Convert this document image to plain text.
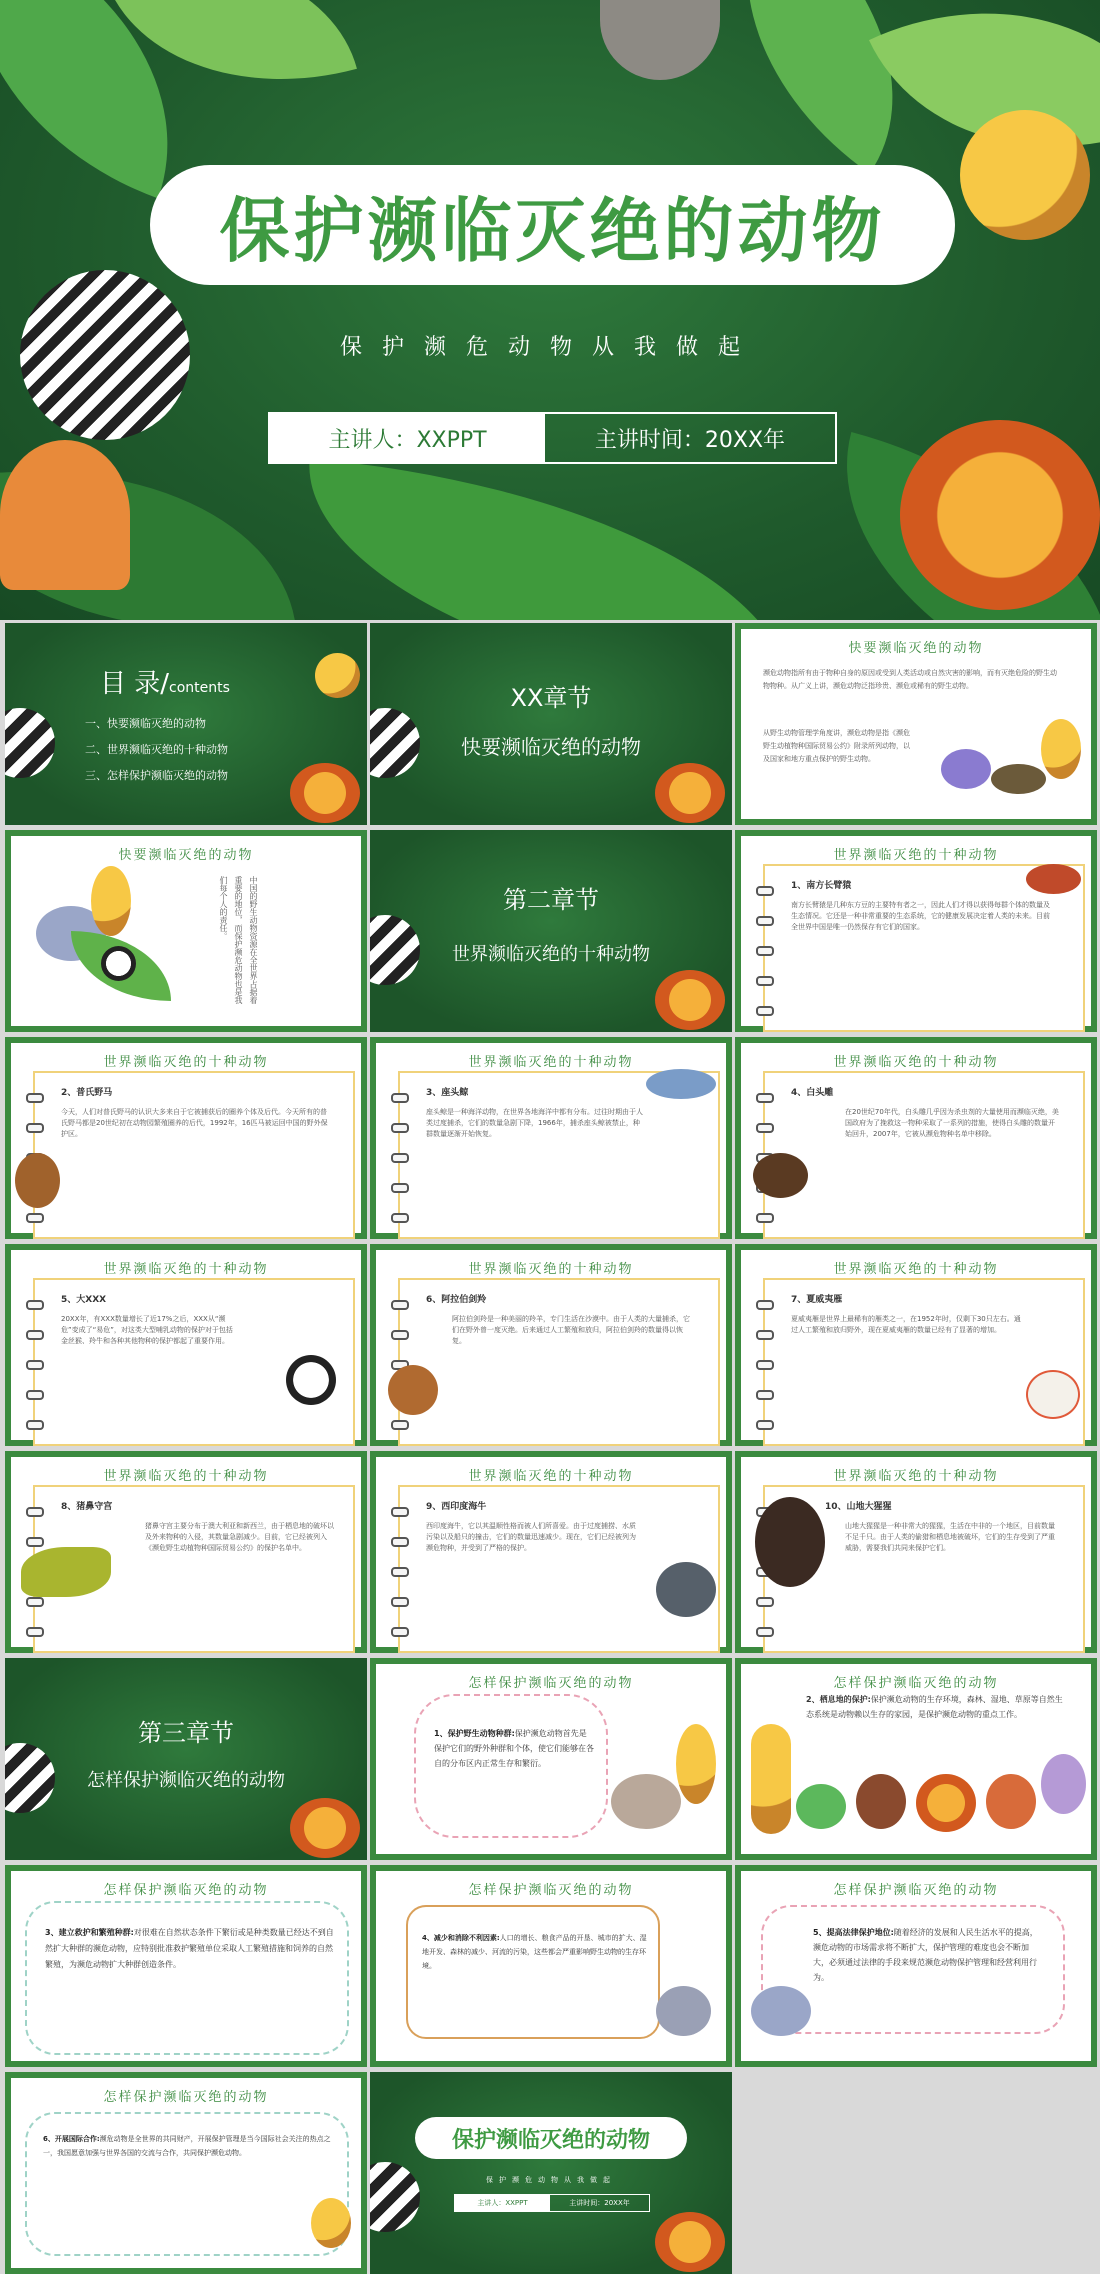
保护濒临灭绝的动物
保护濒危动物从我做起
主讲人：XXPPT	主讲时间：20XX年
目 录/contents
一、快要濒临灭绝的动物
二、世界濒临灭绝的十种动物
三、怎样保护濒临灭绝的动物
XX章节
快要濒临灭绝的动物
快要濒临灭绝的动物
濒危动物指所有由于物种自身的原因或受到人类活动或自然灾害的影响，而有灭绝危险的野生动物物种。从广义上讲，濒危动物泛指珍贵、濒危或稀有的野生动物。
从野生动物管理学角度讲，濒危动物是指《濒危野生动植物种国际贸易公约》附录所列动物，以及国家和地方重点保护的野生动物。
快要濒临灭绝的动物
中国的野生动物资源在全世界占据着重要的地位，而保护濒危动物也是我们每个人的责任。	第二章节
世界濒临灭绝的十种动物
世界濒临灭绝的十种动物
1、南方长臂猿
南方长臂猿是几种东方豆的主要特有者之一，因此人们才得以获得每群个体的数量及生态情况。它还是一种非常重要的生态系统，它的健康发展决定着人类的未来。目前全世界中国是唯一仍然保存有它们的国家。
世界濒临灭绝的十种动物
2、普氏野马
今天，人们对普氏野马的认识大多来自于它被捕获后的圈养个体及后代。今天所有的普氏野马都是20世纪初在动物园繁殖圈养的后代，1992年，16匹马被运回中国的野外保护区。
世界濒临灭绝的十种动物
3、座头鲸
座头鲸是一种海洋动物，在世界各地海洋中都有分布。过往时期由于人类过度捕杀，它们的数量急剧下降，1966年，捕杀座头鲸被禁止，种群数量逐渐开始恢复。
世界濒临灭绝的十种动物
4、白头雕
在20世纪70年代，白头雕几乎因为杀虫剂的大量使用而濒临灭绝，美国政府为了挽救这一物种采取了一系列的措施，使得白头雕的数量开始回升，2007年，它被从濒危物种名单中移除。
世界濒临灭绝的十种动物
5、大XXX
20XX年，有XXX数量增长了近17%之后，XXX从“濒危”变成了“易危”，对这类大型哺乳动物的保护对于包括金丝猴、羚牛和各种其他物种的保护都起了重要作用。
世界濒临灭绝的十种动物
6、阿拉伯剑羚
阿拉伯剑羚是一种美丽的羚羊，专门生活在沙漠中。由于人类的大量捕杀，它们在野外曾一度灭绝。后来通过人工繁殖和放归，阿拉伯剑羚的数量得以恢复。
世界濒临灭绝的十种动物
7、夏威夷雁
夏威夷雁是世界上最稀有的雁类之一，在1952年时，仅剩下30只左右。通过人工繁殖和放归野外，现在夏威夷雁的数量已经有了显著的增加。
世界濒临灭绝的十种动物
8、猪鼻守宫
猪鼻守宫主要分布于澳大利亚和新西兰，由于栖息地的破坏以及外来物种的入侵，其数量急剧减少。目前，它已经被列入《濒危野生动植物种国际贸易公约》的保护名单中。
世界濒临灭绝的十种动物
9、西印度海牛
西印度海牛，它以其温顺性格而被人们所喜爱。由于过度捕捞、水质污染以及船只的撞击，它们的数量迅速减少。现在，它们已经被列为濒危物种，并受到了严格的保护。
世界濒临灭绝的十种动物
10、山地大猩猩
山地大猩猩是一种非常大的猩猩，生活在中非的一个地区，目前数量不足千只。由于人类的偷猎和栖息地被破坏，它们的生存受到了严重威胁，需要我们共同来保护它们。
第三章节
怎样保护濒临灭绝的动物
怎样保护濒临灭绝的动物
1、保护野生动物种群:保护濒危动物首先是保护它们的野外种群和个体，使它们能够在各自的分布区内正常生存和繁衍。
怎样保护濒临灭绝的动物
2、栖息地的保护:保护濒危动物的生存环境，森林、湿地、草原等自然生态系统是动物赖以生存的家园，是保护濒危动物的重点工作。
怎样保护濒临灭绝的动物
3、建立救护和繁殖种群:对很难在自然状态条件下繁衍或是种类数量已经达不到自然扩大种群的濒危动物，应特别批准救护繁殖单位采取人工繁殖措施和饲养的自然繁殖，为濒危动物扩大种群创造条件。
怎样保护濒临灭绝的动物
4、减少和消除不利因素:人口的增长、粮食产品的开垦、城市的扩大、湿地开发、森林的减少、河流的污染，这些都会严重影响野生动物的生存环境。
怎样保护濒临灭绝的动物
5、提高法律保护地位:随着经济的发展和人民生活水平的提高，濒危动物的市场需求将不断扩大，保护管理的难度也会不断加大，必须通过法律的手段来规范濒危动物保护管理和经营利用行为。
怎样保护濒临灭绝的动物
6、开展国际合作:濒危动物是全世界的共同财产，开展保护管理是当今国际社会关注的热点之一，我国愿意加强与世界各国的交流与合作，共同保护濒危动物。
保护濒临灭绝的动物
保护濒危动物从我做起
主讲人：XXPPT	主讲时间：20XX年
